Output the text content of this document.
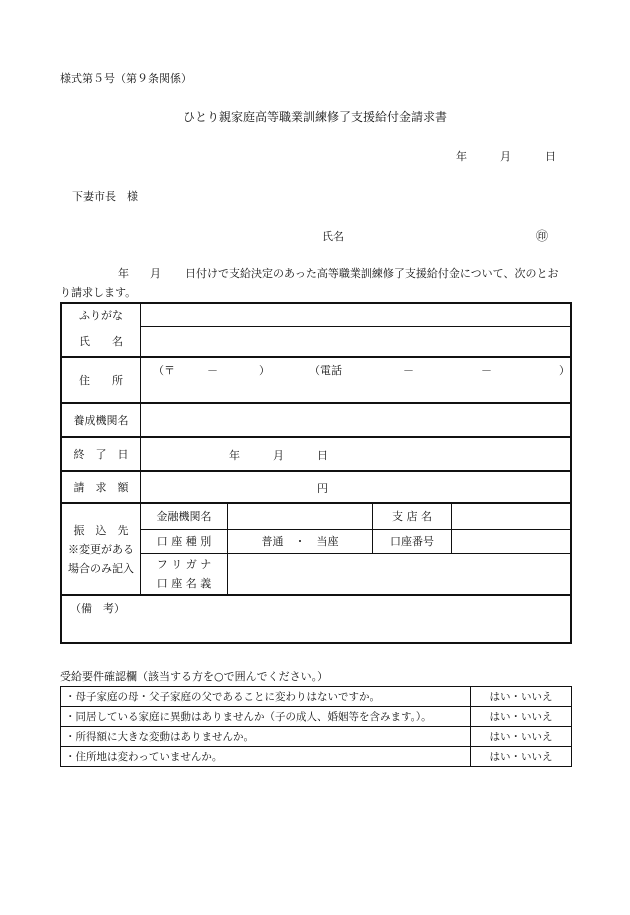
様式第５号（第９条関係）
ひとり親家庭高等職業訓練修了支援給付金請求書
年	月	日
下妻市長　様
氏名	㊞
年 月 日付けで支給決定のあった高等職業訓練修了支援給付金について、次のとお
り請求します。
ふりがな	
氏　　名	
住　　所	
（〒	－	）	（電話	－	－	）

養成機関名	
終　了　日	年	月	日

請　求　額	円

振　込　先
※変更がある
場合のみ記入

金融機関名		支 店 名	
口 座 種 別	普通　・　当座	口座番号	

フ リ ガ ナ
口 座 名 義

（備　考）
受給要件確認欄（該当する方を○で囲んでください。）
・母子家庭の母・父子家庭の父であることに変わりはないですか。	はい・いいえ
・同居している家庭に異動はありませんか（子の成人、婚姻等を含みます。）。	はい・いいえ
・所得額に大きな変動はありませんか。	はい・いいえ
・住所地は変わっていませんか。	はい・いいえ
